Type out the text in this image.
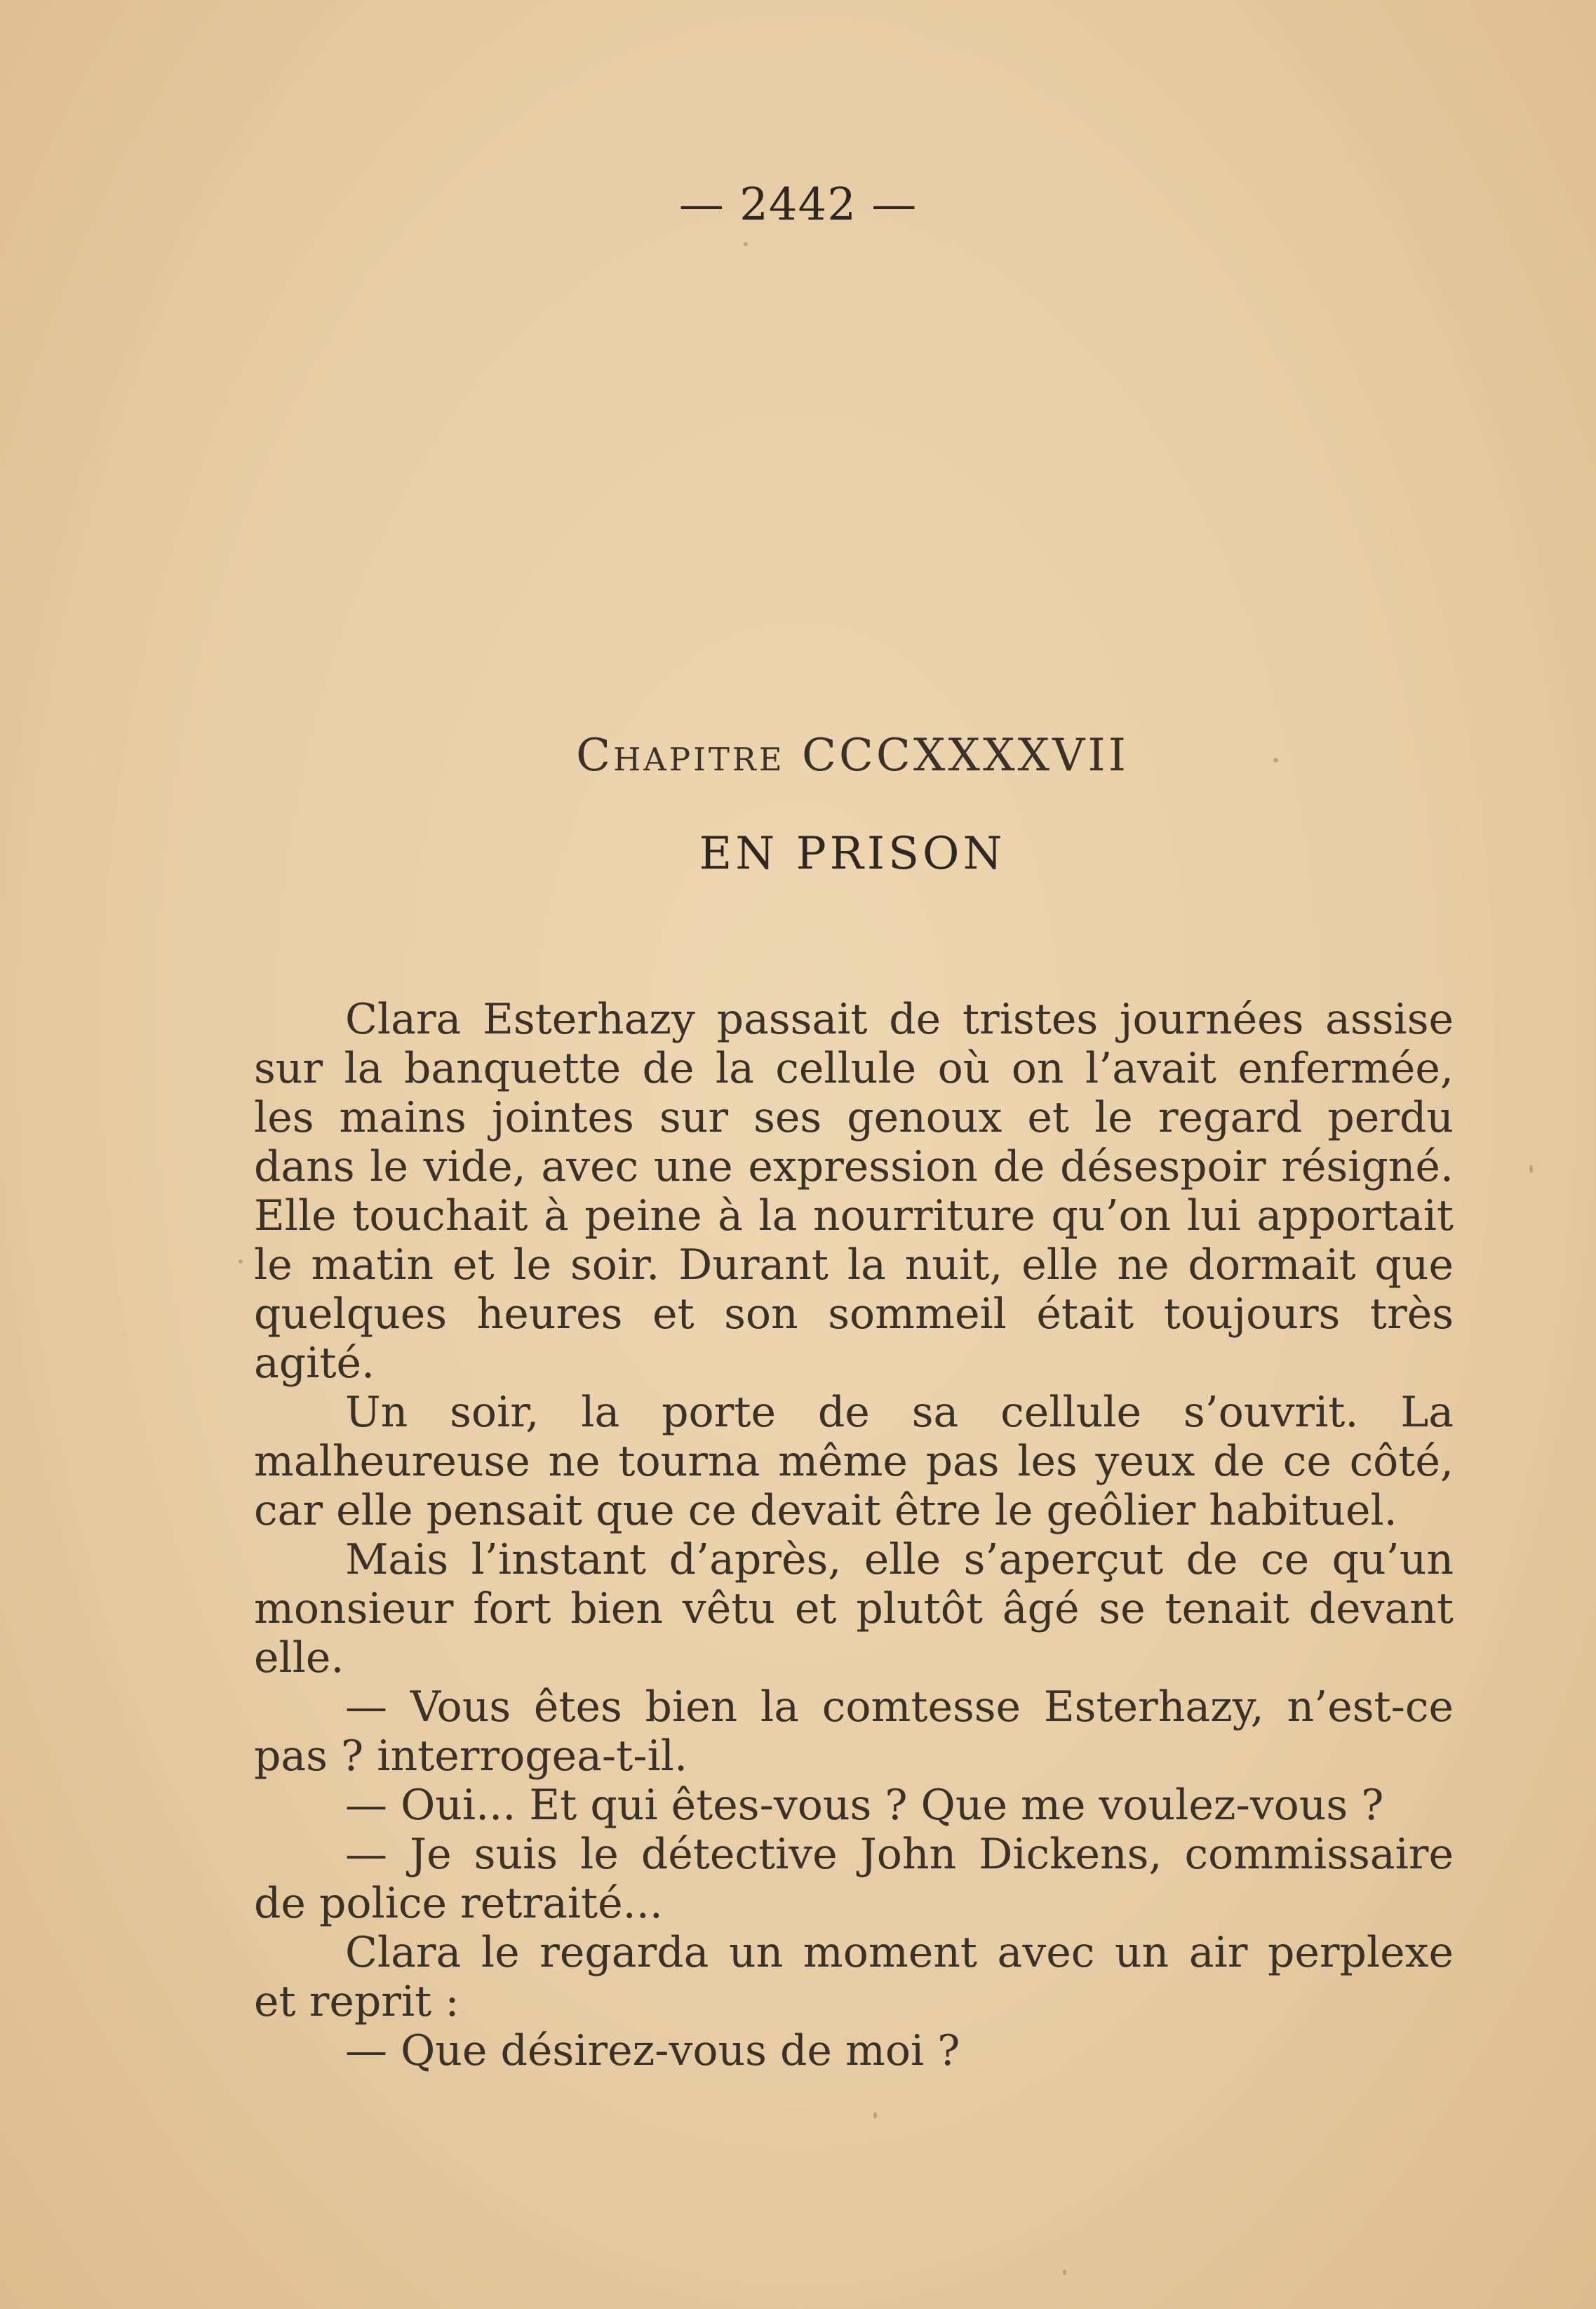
— 2442 —
Chapitre CCCXXXXVII
EN PRISON

Clara Esterhazy passait de tristes journées assise sur la banquette de la cellule où on l’avait enfermée, les mains jointes sur ses genoux et le regard perdu dans le vide, avec une expression de désespoir résigné. Elle touchait à peine à la nourriture qu’on lui apportait le matin et le soir. Durant la nuit, elle ne dormait que quelques heures et son sommeil était toujours très agité.

Un soir, la porte de sa cellule s’ouvrit. La malheureuse ne tourna même pas les yeux de ce côté, car elle pensait que ce devait être le geôlier habituel.

Mais l’instant d’après, elle s’aperçut de ce qu’un monsieur fort bien vêtu et plutôt âgé se tenait devant elle.

— Vous êtes bien la comtesse Esterhazy, n’est-ce pas ? interrogea-t-il.

— Oui... Et qui êtes-vous ? Que me voulez-vous ?

— Je suis le détective John Dickens, commissaire de police retraité...

Clara le regarda un moment avec un air perplexe et reprit :

— Que désirez-vous de moi ?
